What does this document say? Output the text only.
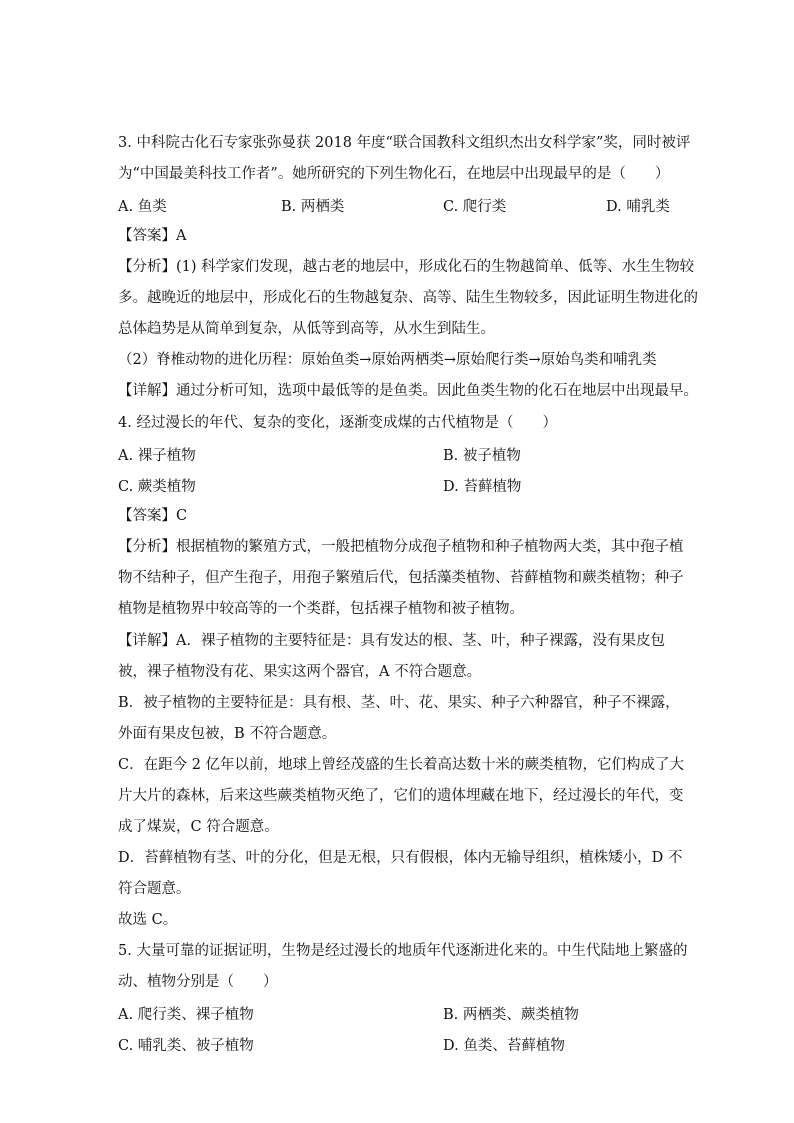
3. 中科院古化石专家张弥曼获 2018 年度“联合国教科文组织杰出女科学家”奖，同时被评
为“中国最美科技工作者”。她所研究的下列生物化石，在地层中出现最早的是（　　）
A. 鱼类	B. 两栖类	C. 爬行类	D. 哺乳类
【答案】A
【分析】(1) 科学家们发现，越古老的地层中，形成化石的生物越简单、低等、水生生物较
多。越晚近的地层中，形成化石的生物越复杂、高等、陆生生物较多，因此证明生物进化的
总体趋势是从简单到复杂，从低等到高等，从水生到陆生。
（2）脊椎动物的进化历程：原始鱼类→原始两栖类→原始爬行类→原始鸟类和哺乳类
【详解】通过分析可知，选项中最低等的是鱼类。因此鱼类生物的化石在地层中出现最早。
4. 经过漫长的年代、复杂的变化，逐渐变成煤的古代植物是（　　）
A. 裸子植物	B. 被子植物
C. 蕨类植物	D. 苔藓植物
【答案】C
【分析】根据植物的繁殖方式，一般把植物分成孢子植物和种子植物两大类，其中孢子植
物不结种子，但产生孢子，用孢子繁殖后代，包括藻类植物、苔藓植物和蕨类植物；种子
植物是植物界中较高等的一个类群，包括裸子植物和被子植物。
【详解】A．裸子植物的主要特征是：具有发达的根、茎、叶，种子裸露，没有果皮包
被，裸子植物没有花、果实这两个器官，A 不符合题意。
B．被子植物的主要特征是：具有根、茎、叶、花、果实、种子六种器官，种子不裸露，
外面有果皮包被，B 不符合题意。
C．在距今 2 亿年以前，地球上曾经茂盛的生长着高达数十米的蕨类植物，它们构成了大
片大片的森林，后来这些蕨类植物灭绝了，它们的遗体埋藏在地下，经过漫长的年代，变
成了煤炭，C 符合题意。
D．苔藓植物有茎、叶的分化，但是无根，只有假根，体内无输导组织，植株矮小，D 不
符合题意。
故选 C。
5. 大量可靠的证据证明，生物是经过漫长的地质年代逐渐进化来的。中生代陆地上繁盛的
动、植物分别是（　　）
A. 爬行类、裸子植物	B. 两栖类、蕨类植物
C. 哺乳类、被子植物	D. 鱼类、苔藓植物
